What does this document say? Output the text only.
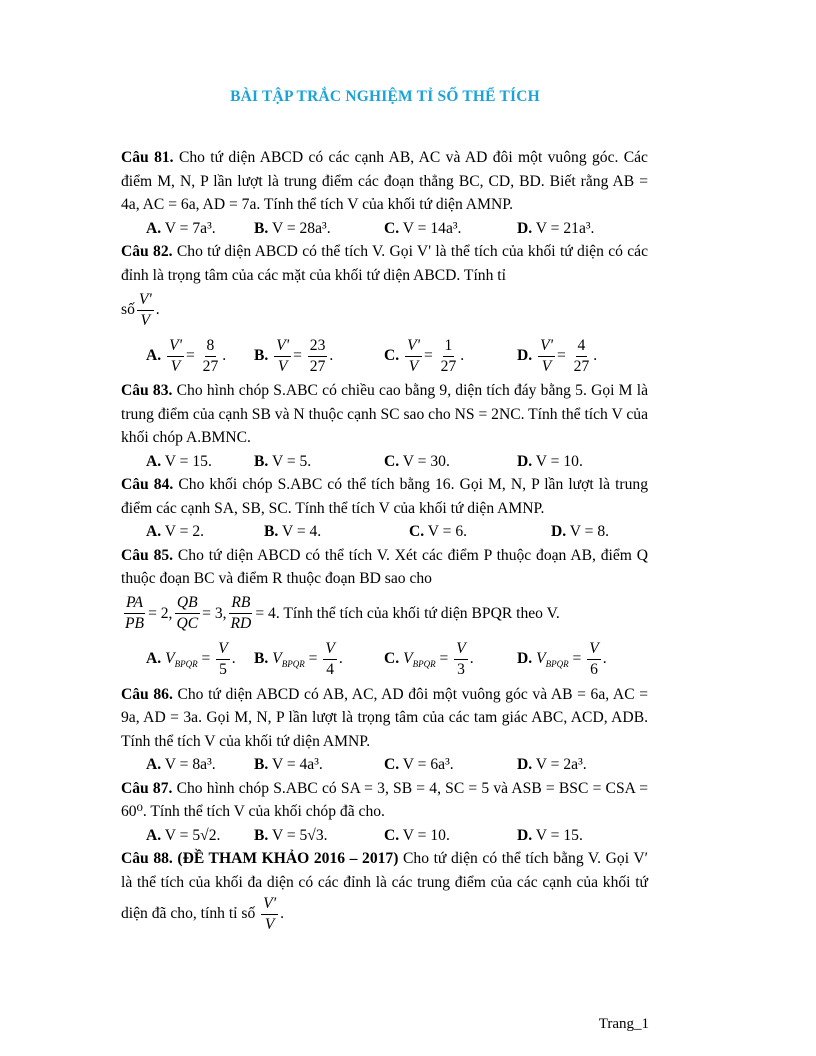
BÀI TẬP TRẮC NGHIỆM TỈ SỐ THỂ TÍCH

Câu 81. Cho tứ diện ABCD có các cạnh AB, AC và AD đôi một vuông góc. Các điểm M, N, P lần lượt là trung điểm các đoạn thẳng BC, CD, BD. Biết rằng AB = 4a, AC = 6a, AD = 7a. Tính thể tích V của khối tứ diện AMNP.

A. V = 7a³.	B. V = 28a³.	C. V = 14a³.	D. V = 21a³.

Câu 82. Cho tứ diện ABCD có thể tích V. Gọi V' là thể tích của khối tứ diện có các đỉnh là trọng tâm của các mặt của khối tứ diện ABCD. Tính tỉ

số $\frac{V'}{V}$ .
A. $\frac{V'}{V} = \frac{8}{27}$ .	B. $\frac{V'}{V} = \frac{23}{27}$ .	C. $\frac{V'}{V} = \frac{1}{27}$ .	D. $\frac{V'}{V} = \frac{4}{27}$ .

Câu 83. Cho hình chóp S.ABC có chiều cao bằng 9, diện tích đáy bằng 5. Gọi M là trung điểm của cạnh SB và N thuộc cạnh SC sao cho NS = 2NC. Tính thể tích V của khối chóp A.BMNC.

A. V = 15.	B. V = 5.	C. V = 30.	D. V = 10.

Câu 84. Cho khối chóp S.ABC có thể tích bằng 16. Gọi M, N, P lần lượt là trung điểm các cạnh SA, SB, SC. Tính thể tích V của khối tứ diện AMNP.

A. V = 2.	B. V = 4.	C. V = 6.	D. V = 8.

Câu 85. Cho tứ diện ABCD có thể tích V. Xét các điểm P thuộc đoạn AB, điểm Q thuộc đoạn BC và điểm R thuộc đoạn BD sao cho

$\frac{PA}{PB} = 2$, $\frac{QB}{QC} = 3$, $\frac{RB}{RD} = 4$ . Tính thể tích của khối tứ diện BPQR theo V.
A. $V_{BPQR} = \frac{V}{5}$ .	B. $V_{BPQR} = \frac{V}{4}$ .	C. $V_{BPQR} = \frac{V}{3}$ .	D. $V_{BPQR} = \frac{V}{6}$ .

Câu 86. Cho tứ diện ABCD có AB, AC, AD đôi một vuông góc và AB = 6a, AC = 9a, AD = 3a. Gọi M, N, P lần lượt là trọng tâm của các tam giác ABC, ACD, ADB. Tính thể tích V của khối tứ diện AMNP.

A. V = 8a³.	B. V = 4a³.	C. V = 6a³.	D. V = 2a³.

Câu 87. Cho hình chóp S.ABC có SA = 3, SB = 4, SC = 5 và ASB = BSC = CSA = 60⁰. Tính thể tích V của khối chóp đã cho.

A. V = 5√2.	B. V = 5√3.	C. V = 10.	D. V = 15.

Câu 88. (ĐỀ THAM KHẢO 2016 – 2017) Cho tứ diện có thể tích bằng V. Gọi V′ là thể tích của khối đa diện có các đỉnh là các trung điểm của các cạnh của khối tứ diện đã cho, tính tỉ số $\frac{V'}{V}$ .

Trang_1
